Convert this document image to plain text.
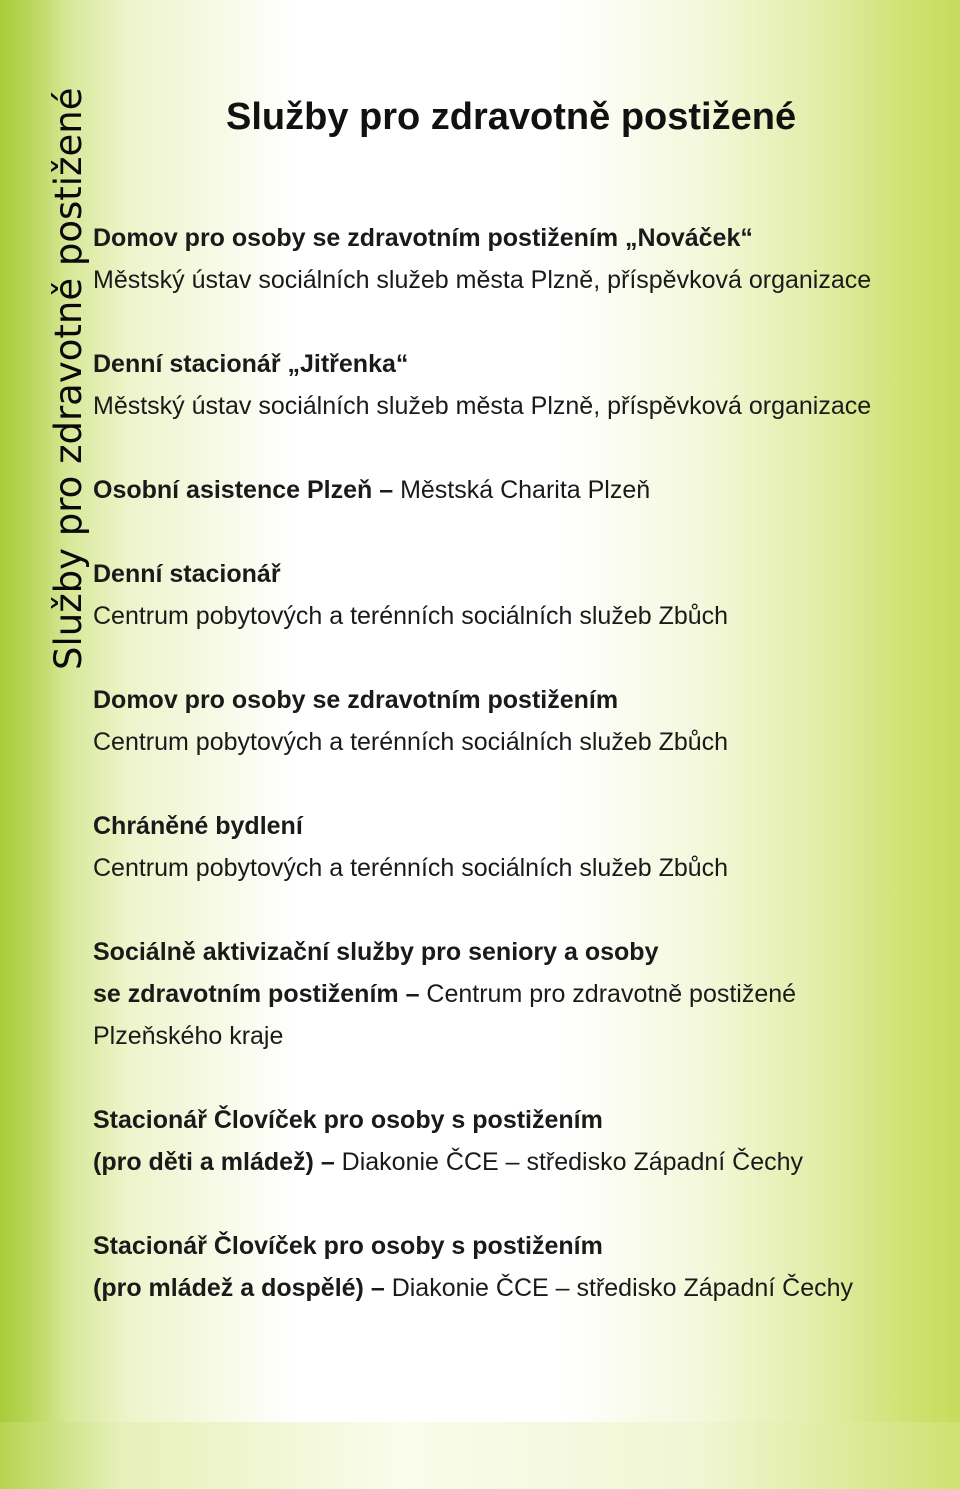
Služby pro zdravotně postižené	Služby pro zdravotně postižené
Domov pro osoby se zdravotním postižením „Nováček“
Městský ústav sociálních služeb města Plzně, příspěvková organizace
Denní stacionář „Jitřenka“
Městský ústav sociálních služeb města Plzně, příspěvková organizace
Osobní asistence Plzeň – Městská Charita Plzeň
Denní stacionář
Centrum pobytových a terénních sociálních služeb Zbůch
Domov pro osoby se zdravotním postižením
Centrum pobytových a terénních sociálních služeb Zbůch
Chráněné bydlení
Centrum pobytových a terénních sociálních služeb Zbůch
Sociálně aktivizační služby pro seniory a osoby
se zdravotním postižením – Centrum pro zdravotně postižené
Plzeňského kraje
Stacionář Človíček pro osoby s postižením
(pro děti a mládež) – Diakonie ČCE – středisko Západní Čechy
Stacionář Človíček pro osoby s postižením
(pro mládež a dospělé) – Diakonie ČCE – středisko Západní Čechy
